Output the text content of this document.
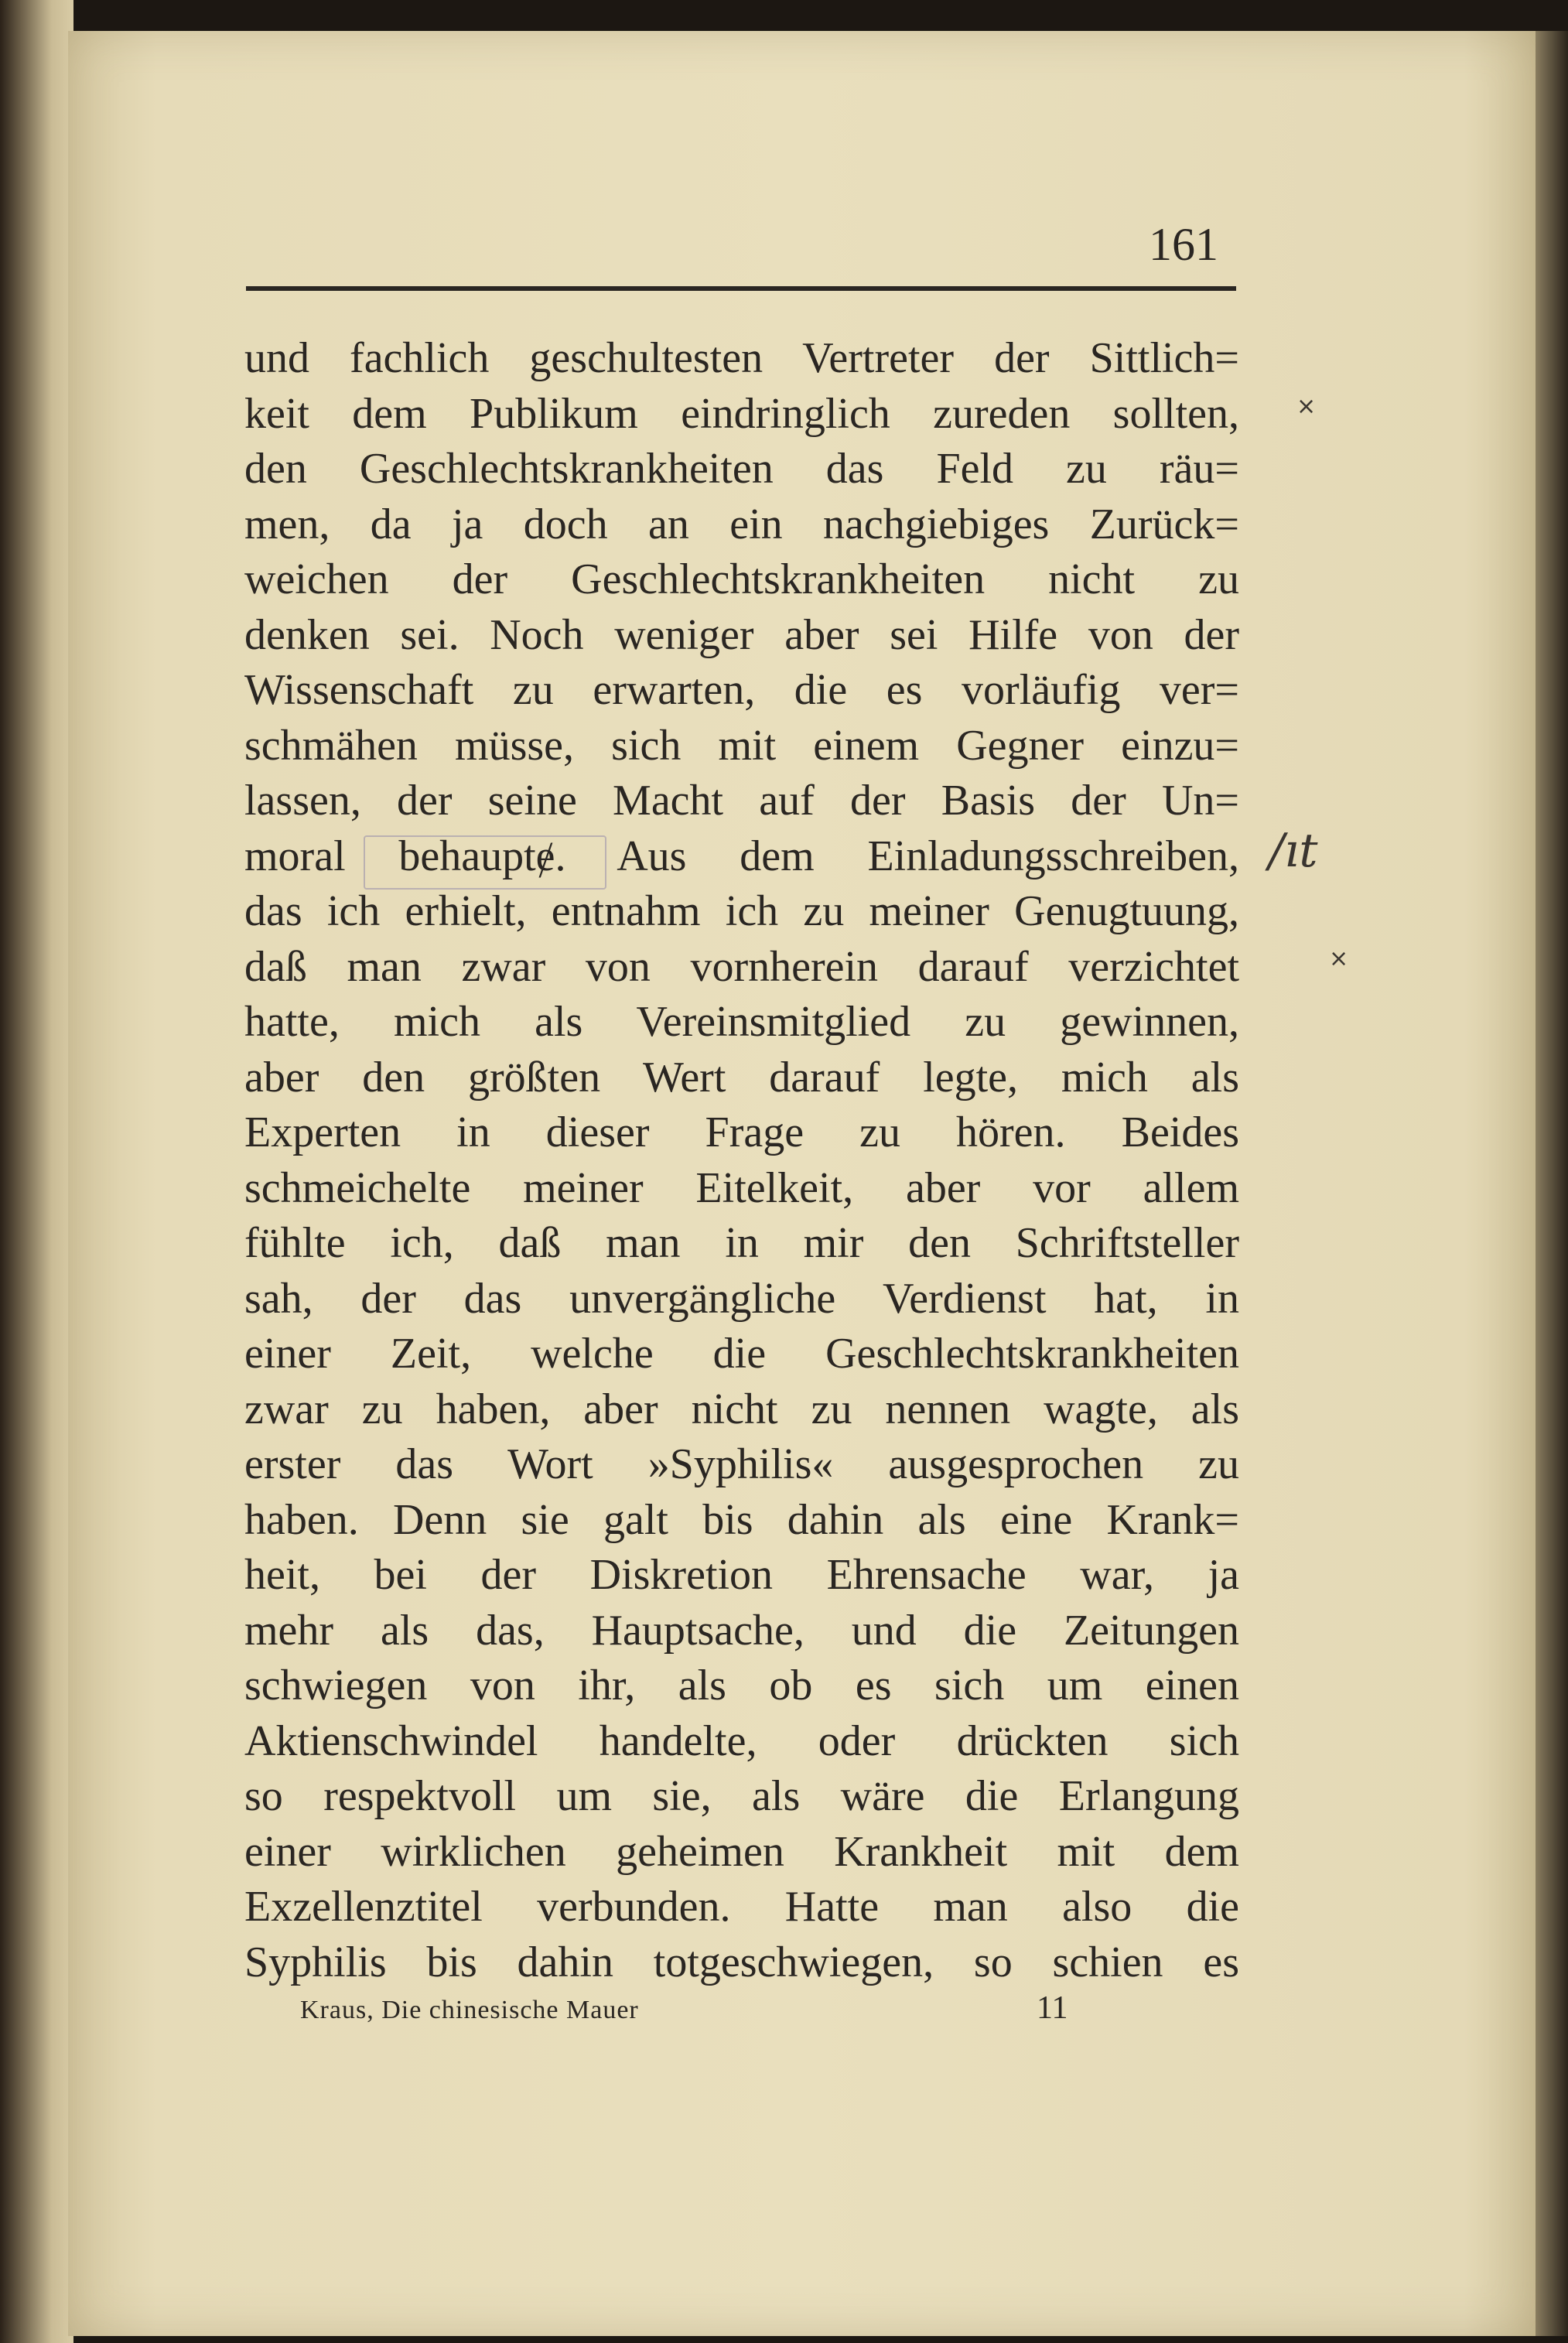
161
und fachlich geschultesten Vertreter der Sittlich=
keit dem Publikum eindringlich zureden sollten,
den Geschlechtskrankheiten das Feld zu räu=
men, da ja doch an ein nachgiebiges Zurück=
weichen der Geschlechtskrankheiten nicht zu
denken sei. Noch weniger aber sei Hilfe von der
Wissenschaft zu erwarten, die es vorläufig ver=
schmähen müsse, sich mit einem Gegner einzu=
lassen, der seine Macht auf der Basis der Un=
moral behauptɇ. Aus dem Einladungsschreiben,
das ich erhielt, entnahm ich zu meiner Genugtuung,
daß man zwar von vornherein darauf verzichtet
hatte, mich als Vereinsmitglied zu gewinnen,
aber den größten Wert darauf legte, mich als
Experten in dieser Frage zu hören. Beides
schmeichelte meiner Eitelkeit, aber vor allem
fühlte ich, daß man in mir den Schriftsteller
sah, der das unvergängliche Verdienst hat, in
einer Zeit, welche die Geschlechtskrankheiten
zwar zu haben, aber nicht zu nennen wagte, als
erster das Wort »Syphilis« ausgesprochen zu
haben. Denn sie galt bis dahin als eine Krank=
heit, bei der Diskretion Ehrensache war, ja
mehr als das, Hauptsache, und die Zeitungen
schwiegen von ihr, als ob es sich um einen
Aktienschwindel handelte, oder drückten sich
so respektvoll um sie, als wäre die Erlangung
einer wirklichen geheimen Krankheit mit dem
Exzellenztitel verbunden. Hatte man also die
Syphilis bis dahin totgeschwiegen, so schien es
×
/ıt
×
Kraus, Die chinesische Mauer	11
